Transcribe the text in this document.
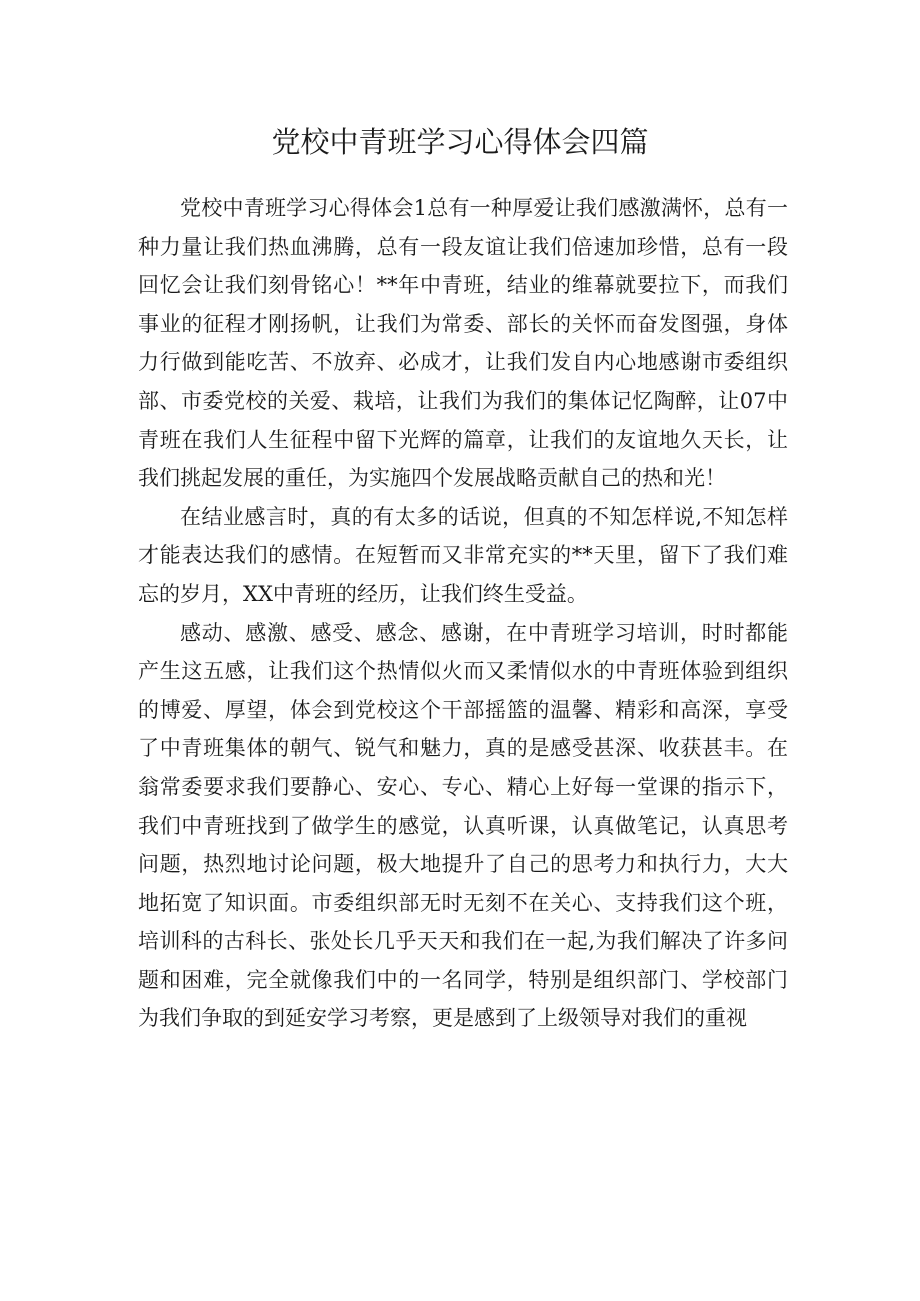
党校中青班学习心得体会四篇

党校中青班学习心得体会1总有一种厚爱让我们感激满怀，总有一种力量让我们热血沸腾，总有一段友谊让我们倍速加珍惜，总有一段回忆会让我们刻骨铭心！**年中青班，结业的维幕就要拉下，而我们事业的征程才刚扬帆，让我们为常委、部长的关怀而奋发图强，身体力行做到能吃苦、不放弃、必成才，让我们发自内心地感谢市委组织部、市委党校的关爱、栽培，让我们为我们的集体记忆陶醉，让07中青班在我们人生征程中留下光辉的篇章，让我们的友谊地久天长，让我们挑起发展的重任，为实施四个发展战略贡献自己的热和光！

在结业感言时，真的有太多的话说，但真的不知怎样说,不知怎样才能表达我们的感情。在短暂而又非常充实的**天里，留下了我们难忘的岁月，XX中青班的经历，让我们终生受益。

感动、感激、感受、感念、感谢，在中青班学习培训，时时都能产生这五感，让我们这个热情似火而又柔情似水的中青班体验到组织的博爱、厚望，体会到党校这个干部摇篮的温馨、精彩和高深，享受了中青班集体的朝气、锐气和魅力，真的是感受甚深、收获甚丰。在翁常委要求我们要静心、安心、专心、精心上好每一堂课的指示下，我们中青班找到了做学生的感觉，认真听课，认真做笔记，认真思考问题，热烈地讨论问题，极大地提升了自己的思考力和执行力，大大地拓宽了知识面。市委组织部无时无刻不在关心、支持我们这个班，培训科的古科长、张处长几乎天天和我们在一起,为我们解决了许多问题和困难，完全就像我们中的一名同学，特别是组织部门、学校部门为我们争取的到延安学习考察，更是感到了上级领导对我们的重视
